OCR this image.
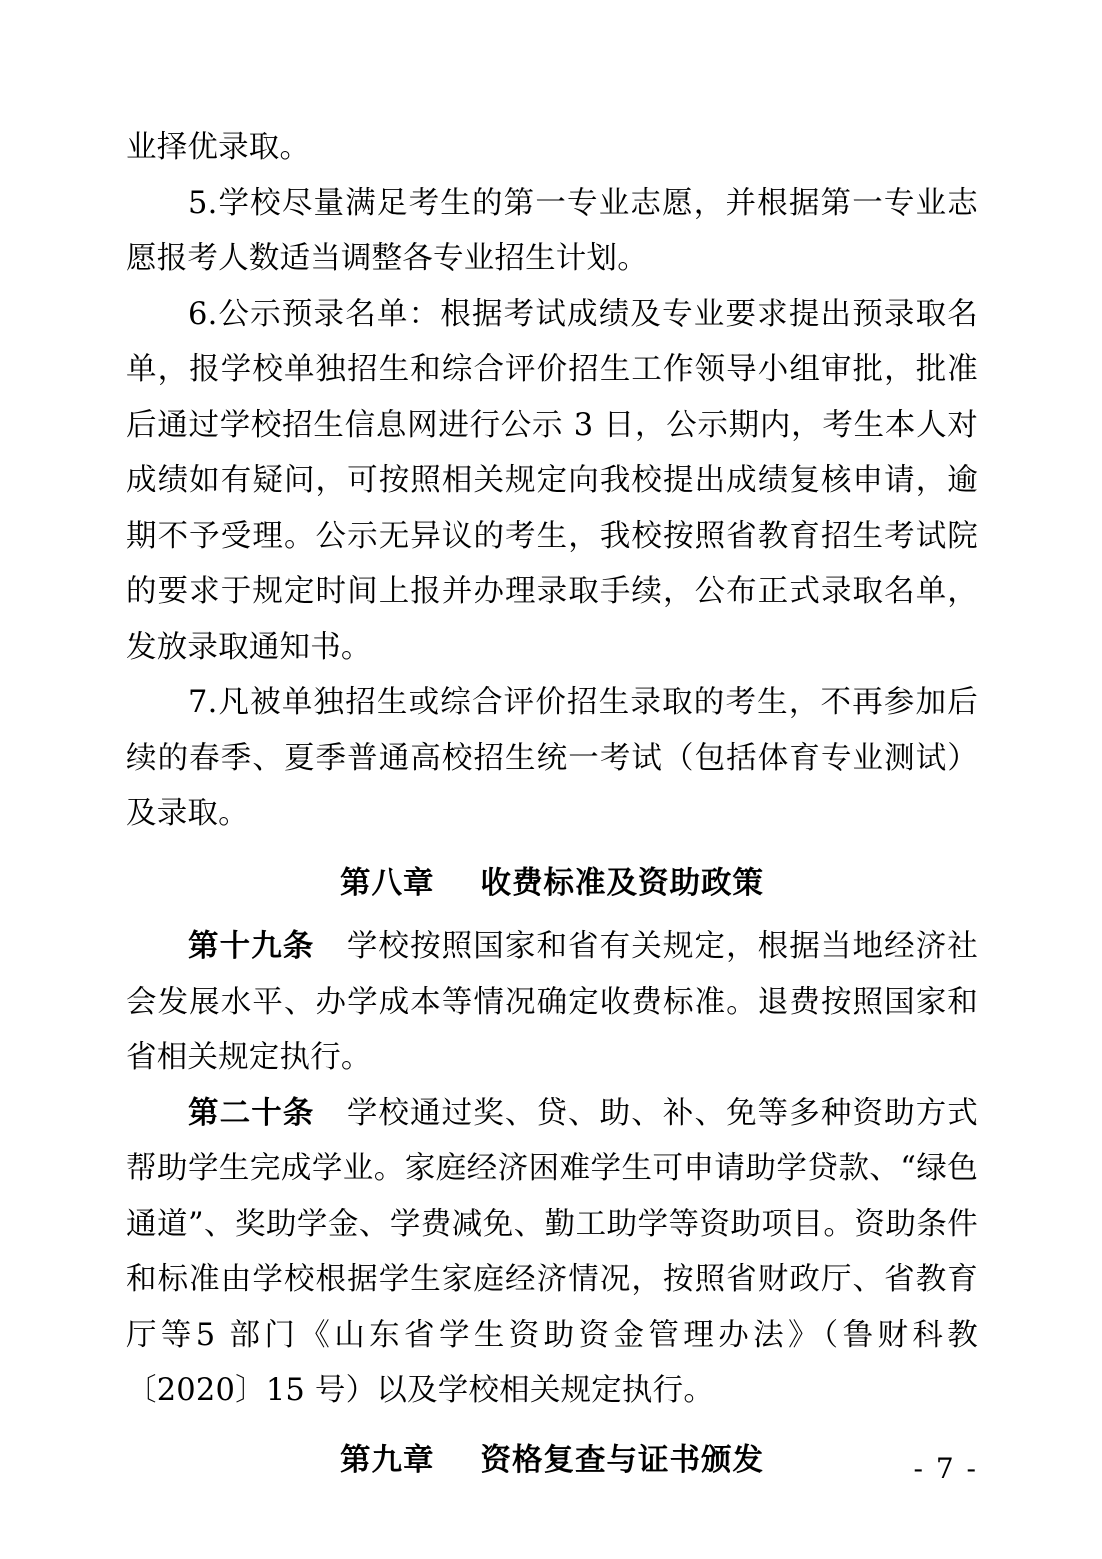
业择优录取。

5.学校尽量满足考生的第一专业志愿，并根据第一专业志愿报考人数适当调整各专业招生计划。

6.公示预录名单：根据考试成绩及专业要求提出预录取名单，报学校单独招生和综合评价招生工作领导小组审批，批准后通过学校招生信息网进行公示 3 日，公示期内，考生本人对成绩如有疑问，可按照相关规定向我校提出成绩复核申请，逾期不予受理。公示无异议的考生，我校按照省教育招生考试院的要求于规定时间上报并办理录取手续，公布正式录取名单，发放录取通知书。

7.凡被单独招生或综合评价招生录取的考生，不再参加后续的春季、夏季普通高校招生统一考试（包括体育专业测试）及录取。

第八章 收费标准及资助政策

第十九条 学校按照国家和省有关规定，根据当地经济社会发展水平、办学成本等情况确定收费标准。退费按照国家和省相关规定执行。

第二十条 学校通过奖、贷、助、补、免等多种资助方式帮助学生完成学业。家庭经济困难学生可申请助学贷款、“绿色通道”、奖助学金、学费减免、勤工助学等资助项目。资助条件和标准由学校根据学生家庭经济情况，按照省财政厅、省教育厅等5 部门《山东省学生资助资金管理办法》（鲁财科教〔2020〕15 号）以及学校相关规定执行。

第九章 资格复查与证书颁发	- 7 -
